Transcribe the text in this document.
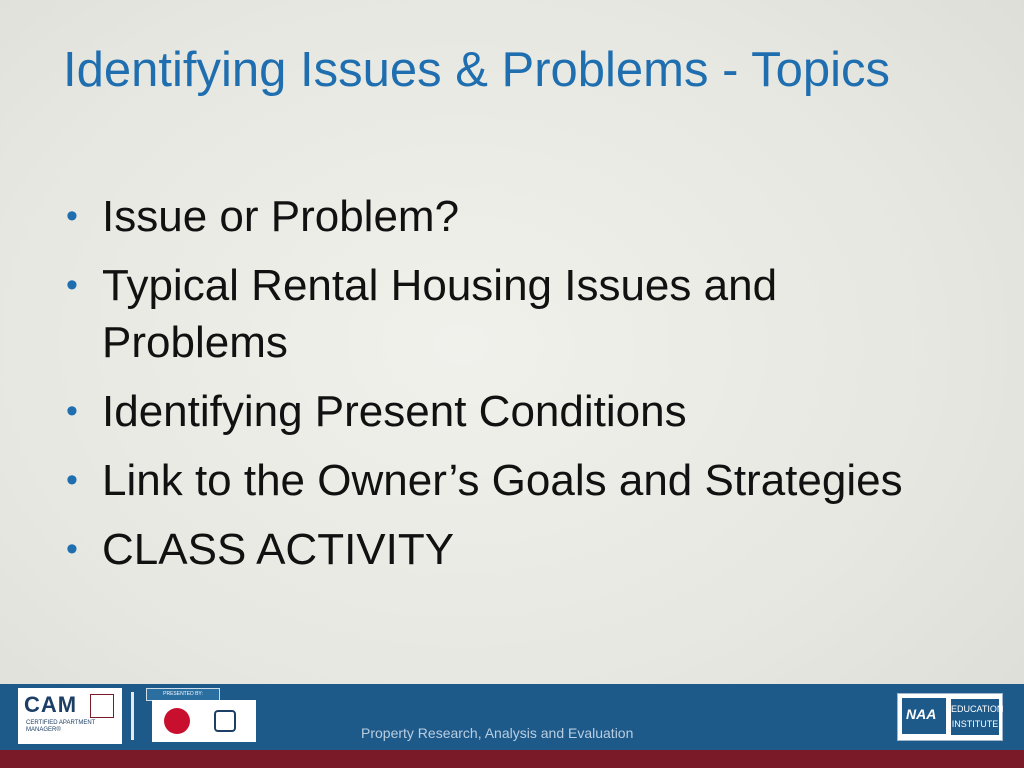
Identifying Issues & Problems - Topics
• Issue or Problem?
• Typical Rental Housing Issues and Problems
• Identifying Present Conditions
• Link to the Owner’s Goals and Strategies
• CLASS ACTIVITY
CAM
CERTIFIED APARTMENT
MANAGER®
PRESENTED BY:
Property Research, Analysis and Evaluation
NAA EDUCATION
INSTITUTE
